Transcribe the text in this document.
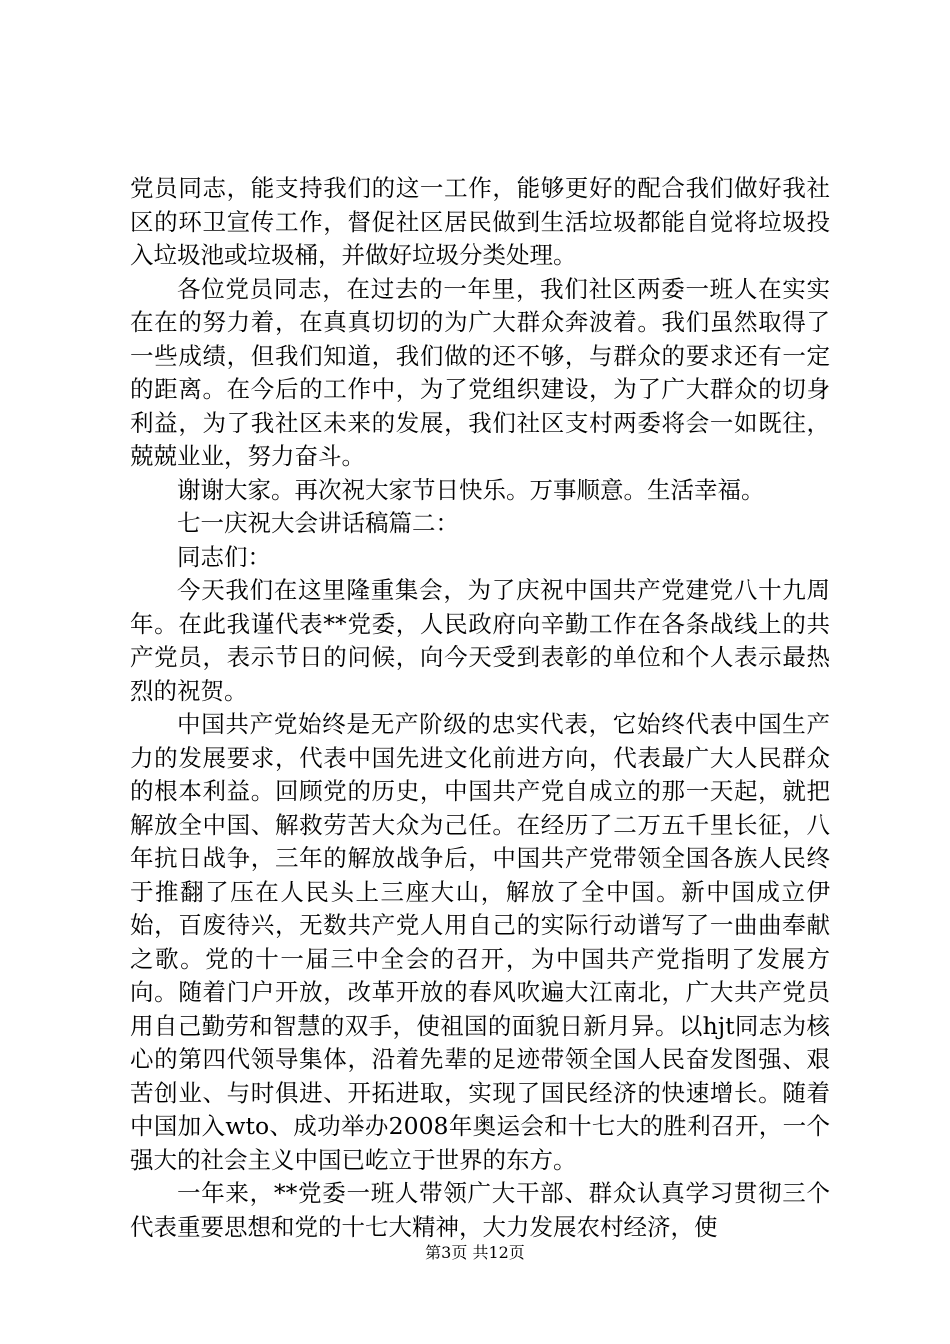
党员同志，能支持我们的这一工作，能够更好的配合我们做好我社区的环卫宣传工作，督促社区居民做到生活垃圾都能自觉将垃圾投入垃圾池或垃圾桶，并做好垃圾分类处理。

各位党员同志，在过去的一年里，我们社区两委一班人在实实在在的努力着，在真真切切的为广大群众奔波着。我们虽然取得了一些成绩，但我们知道，我们做的还不够，与群众的要求还有一定的距离。在今后的工作中，为了党组织建设，为了广大群众的切身利益，为了我社区未来的发展，我们社区支村两委将会一如既往，兢兢业业，努力奋斗。

谢谢大家。再次祝大家节日快乐。万事顺意。生活幸福。

七一庆祝大会讲话稿篇二：

同志们：

今天我们在这里隆重集会，为了庆祝中国共产党建党八十九周年。在此我谨代表**党委，人民政府向辛勤工作在各条战线上的共产党员，表示节日的问候，向今天受到表彰的单位和个人表示最热烈的祝贺。

中国共产党始终是无产阶级的忠实代表，它始终代表中国生产力的发展要求，代表中国先进文化前进方向，代表最广大人民群众的根本利益。回顾党的历史，中国共产党自成立的那一天起，就把解放全中国、解救劳苦大众为己任。在经历了二万五千里长征，八年抗日战争，三年的解放战争后，中国共产党带领全国各族人民终于推翻了压在人民头上三座大山，解放了全中国。新中国成立伊始，百废待兴，无数共产党人用自己的实际行动谱写了一曲曲奉献之歌。党的十一届三中全会的召开，为中国共产党指明了发展方向。随着门户开放，改革开放的春风吹遍大江南北，广大共产党员用自己勤劳和智慧的双手，使祖国的面貌日新月异。以hjt同志为核心的第四代领导集体，沿着先辈的足迹带领全国人民奋发图强、艰苦创业、与时俱进、开拓进取，实现了国民经济的快速增长。随着中国加入wto、成功举办2008年奥运会和十七大的胜利召开，一个强大的社会主义中国已屹立于世界的东方。

一年来，**党委一班人带领广大干部、群众认真学习贯彻三个代表重要思想和党的十七大精神，大力发展农村经济，使

第3页 共12页
